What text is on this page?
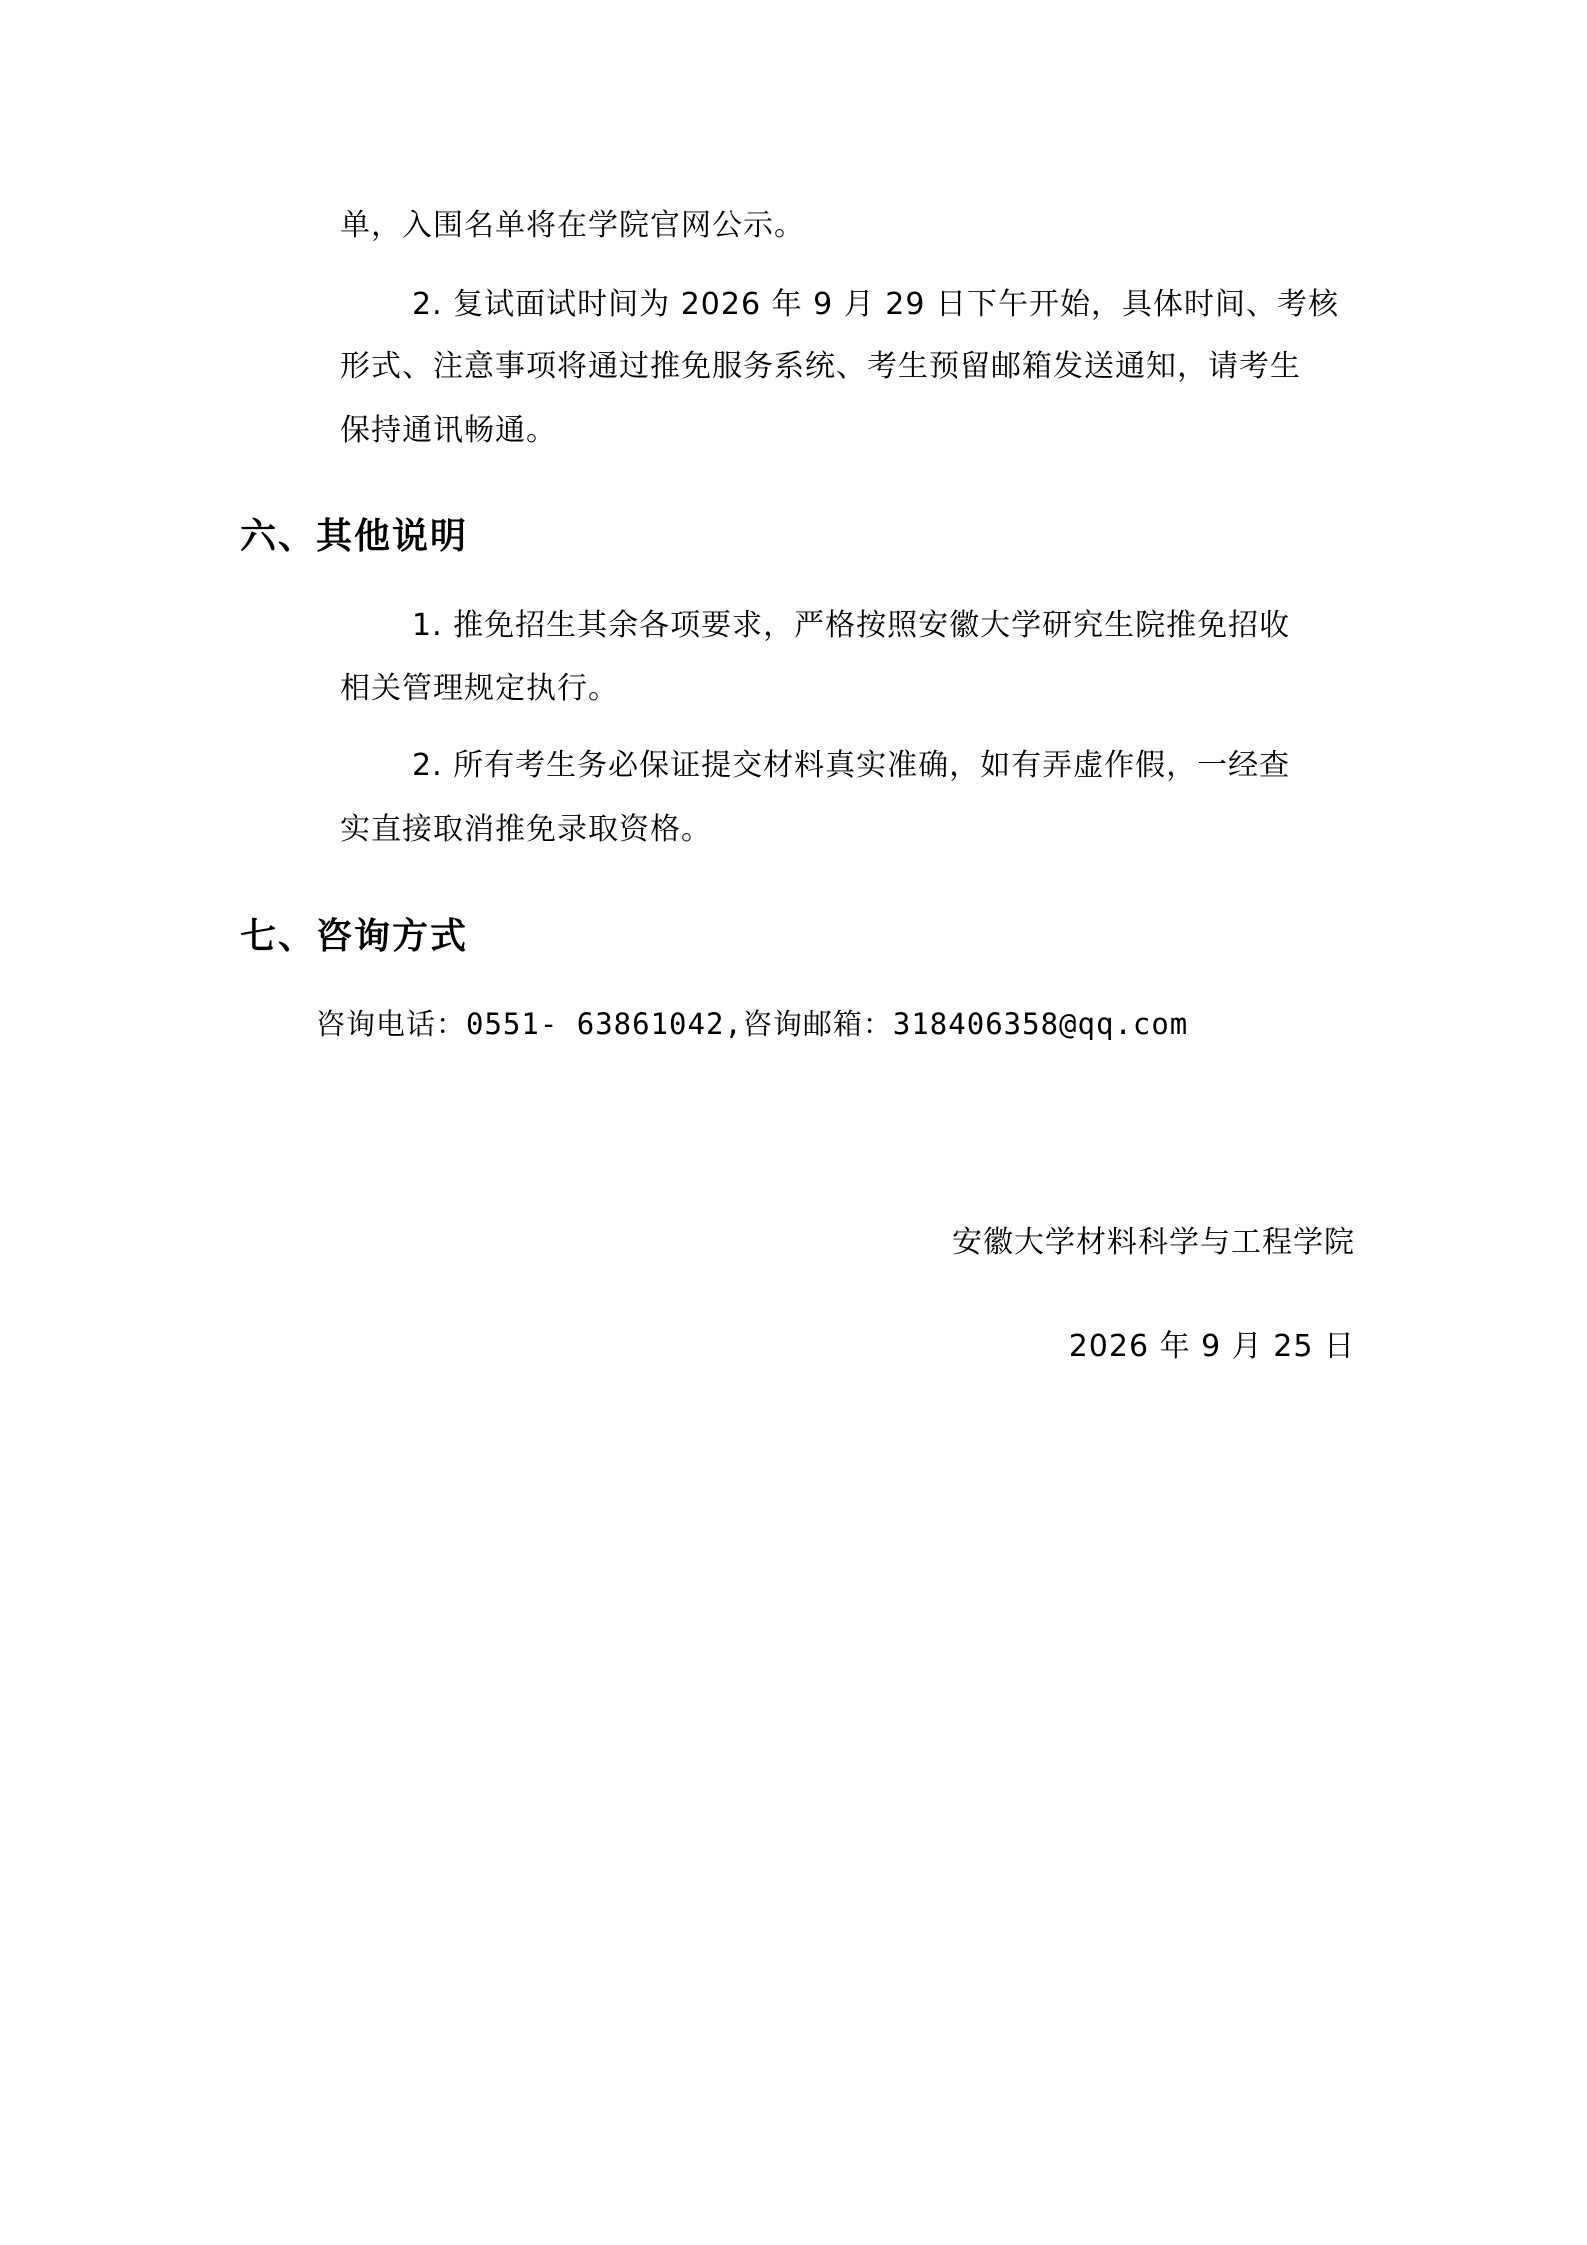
单，入围名单将在学院官网公示。
2. 复试面试时间为 2026 年 9 月 29 日下午开始，具体时间、考核
形式、注意事项将通过推免服务系统、考生预留邮箱发送通知，请考生
保持通讯畅通。
六、其他说明
1. 推免招生其余各项要求，严格按照安徽大学研究生院推免招收
相关管理规定执行。
2. 所有考生务必保证提交材料真实准确，如有弄虚作假，一经查
实直接取消推免录取资格。
七、咨询方式
咨询电话：0551- 63861042,咨询邮箱：318406358@qq.com
安徽大学材料科学与工程学院
2026 年 9 月 25 日
